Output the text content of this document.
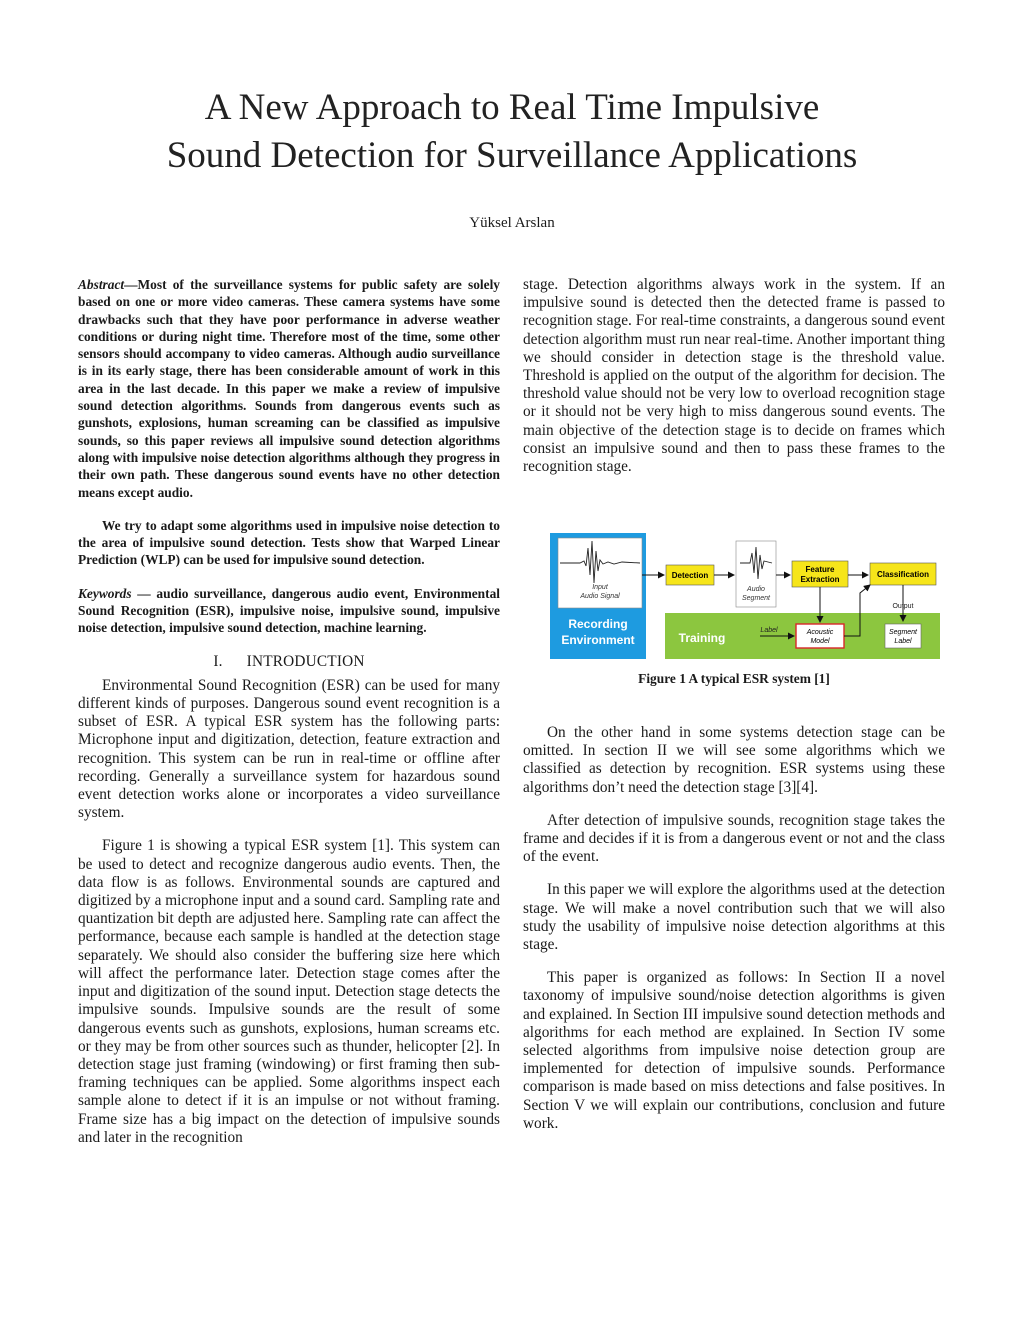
A New Approach to Real Time Impulsive
Sound Detection for Surveillance Applications
Yüksel Arslan

Abstract—Most of the surveillance systems for public safety are solely based on one or more video cameras. These camera systems have some drawbacks such that they have poor performance in adverse weather conditions or during night time. Therefore most of the time, some other sensors should accompany to video cameras. Although audio surveillance is in its early stage, there has been considerable amount of work in this area in the last decade. In this paper we make a review of impulsive sound detection algorithms. Sounds from dangerous events such as gunshots, explosions, human screaming can be classified as impulsive sounds, so this paper reviews all impulsive sound detection algorithms along with impulsive noise detection algorithms although they progress in their own path. These dangerous sound events have no other detection means except audio.

We try to adapt some algorithms used in impulsive noise detection to the area of impulsive sound detection. Tests show that Warped Linear Prediction (WLP) can be used for impulsive sound detection.

Keywords — audio surveillance, dangerous audio event, Environmental Sound Recognition (ESR), impulsive noise, impulsive sound, impulsive noise detection, impulsive sound detection, machine learning.

I. INTRODUCTION

Environmental Sound Recognition (ESR) can be used for many different kinds of purposes. Dangerous sound event recognition is a subset of ESR. A typical ESR system has the following parts: Microphone input and digitization, detection, feature extraction and recognition. This system can be run in real-time or offline after recording. Generally a surveillance system for hazardous sound event detection works alone or incorporates a video surveillance system.

Figure 1 is showing a typical ESR system [1]. This system can be used to detect and recognize dangerous audio events. Then, the data flow is as follows. Environmental sounds are captured and digitized by a microphone input and a sound card. Sampling rate and quantization bit depth are adjusted here. Sampling rate can affect the performance, because each sample is handled at the detection stage separately. We should also consider the buffering size here which will affect the performance later. Detection stage comes after the input and digitization of the sound input. Detection stage detects the impulsive sounds. Impulsive sounds are the result of some dangerous events such as gunshots, explosions, human screams etc. or they may be from other sources such as thunder, helicopter [2]. In detection stage just framing (windowing) or first framing then sub-framing techniques can be applied. Some algorithms inspect each sample alone to detect if it is an impulse or not without framing. Frame size has a big impact on the detection of impulsive sounds and later in the recognition

stage. Detection algorithms always work in the system. If an impulsive sound is detected then the detected frame is passed to recognition stage. For real-time constraints, a dangerous sound event detection algorithm must run near real-time. Another important thing we should consider in detection stage is the threshold value. Threshold is applied on the output of the algorithm for decision. The threshold value should not be very low to overload recognition stage or it should not be very high to miss dangerous sound events. The main objective of the detection stage is to decide on frames which consist an impulsive sound and then to pass these frames to the recognition stage.

Input
Audio Signal
Recording
Environment	Training
Detection
Audio
Segment
Feature
Extraction
Classification
Output
Segment
Label
Acoustic
Model
Label
Figure 1 A typical ESR system [1]

On the other hand in some systems detection stage can be omitted. In section II we will see some algorithms which we classified as detection by recognition. ESR systems using these algorithms don’t need the detection stage [3][4].

After detection of impulsive sounds, recognition stage takes the frame and decides if it is from a dangerous event or not and the class of the event.

In this paper we will explore the algorithms used at the detection stage. We will make a novel contribution such that we will also study the usability of impulsive noise detection algorithms at this stage.

This paper is organized as follows: In Section II a novel taxonomy of impulsive sound/noise detection algorithms is given and explained. In Section III impulsive sound detection methods and algorithms for each method are explained. In Section IV some selected algorithms from impulsive noise detection group are implemented for detection of impulsive sounds. Performance comparison is made based on miss detections and false positives. In Section V we will explain our contributions, conclusion and future work.
